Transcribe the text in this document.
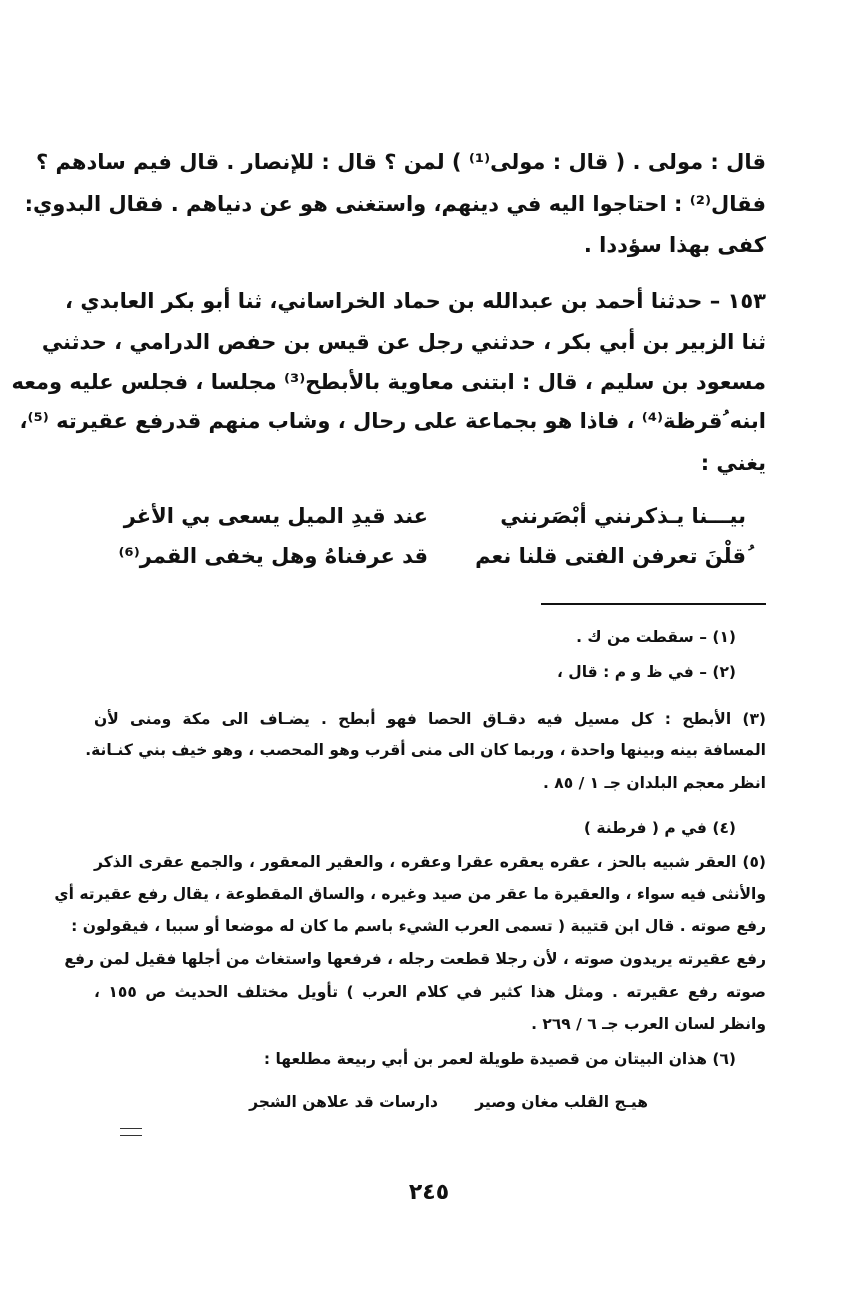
قال : مولى . ( قال : مولى⁽¹⁾ ) لمن ؟ قال : للإنصار . قال فيم سادهم ؟
فقال⁽²⁾ : احتاجوا اليه في دينهم، واستغنى هو عن دنياهم . فقال البدوي:
كفى بهذا سؤددا .
١٥٣ – حدثنا أحمد بن عبدالله بن حماد الخراساني، ثنا أبو بكر العابدي ،
ثنا الزبير بن أبي بكر ، حدثني رجل عن قيس بن حفص الدرامي ، حدثني
مسعود بن سليم ، قال : ابتنى معاوية بالأبطح⁽³⁾ مجلسا ، فجلس عليه ومعه
ابنه ُقرظة⁽⁴⁾ ، فاذا هو بجماعة على رحال ، وشاب منهم قدرفع عقيرته ⁽⁵⁾،
يغني :
بيـــنا يـذكرنني أبْصَرنني
عند قيدِ الميل يسعى بي الأغر
ُقلْنَ تعرفن الفتى قلنا نعم
قد عرفناهُ وهل يخفى القمر⁽⁶⁾
(١) – سقطت من ك .
(٢) – في ظ و م : قال ،
(٣) الأبطح : كل مسيل فيه دقـاق الحصا فهو أبطح . يضـاف الى مكة ومنى لأن
المسافة بينه وبينها واحدة ، وربما كان الى منى أقرب وهو المحصب ، وهو خيف بني كنـانة.
انظر معجم البلدان جـ ١ / ٨٥ .
(٤) في م ( فرطنة )
(٥) العقر شبيه بالحز ، عقره يعقره عقرا وعقره ، والعقير المعقور ، والجمع عقرى الذكر
والأنثى فيه سواء ، والعقيرة ما عقر من صيد وغيره ، والساق المقطوعة ، يقال رفع عقيرته أي
رفع صوته . قال ابن قتيبة ( تسمى العرب الشيء باسم ما كان له موضعا أو سببا ، فيقولون :
رفع عقيرته يريدون صوته ، لأن رجلا قطعت رجله ، فرفعها واستغاث من أجلها فقيل لمن رفع
صوته رفع عقيرته . ومثل هذا كثير في كلام العرب ) تأويل مختلف الحديث ص ١٥٥ ،
وانظر لسان العرب جـ ٦ / ٢٦٩ .
(٦) هذان البيتان من قصيدة طويلة لعمر بن أبي ربيعة مطلعها :
هيـج القلب مغان وصير
دارسات قد علاهن الشجر
٢٤٥
